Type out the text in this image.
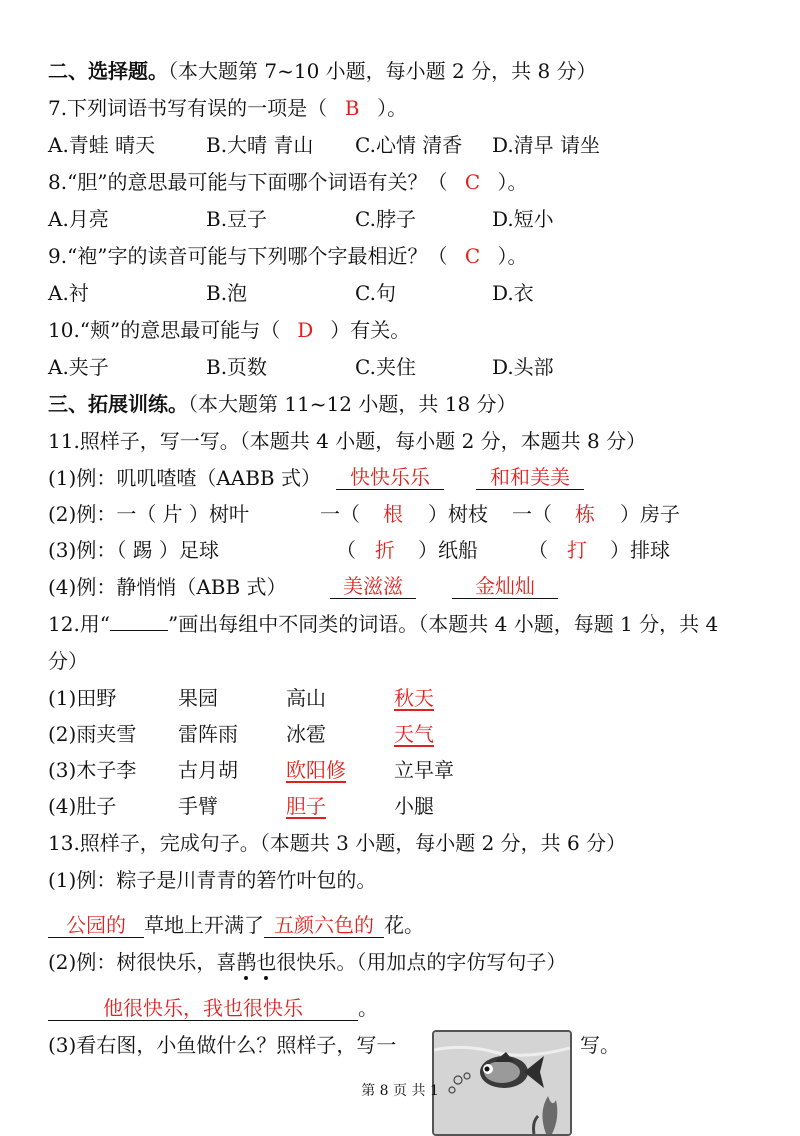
二、选择题。（本大题第 7~10 小题，每小题 2 分，共 8 分）
7.下列词语书写有误的一项是（ B ）。
A.青蛙 晴天	B.大晴 青山 C.心情 清香 D.清早 请坐
8.“胆”的意思最可能与下面哪个词语有关？（ C ）。
A.月亮	B.豆子	C.脖子	D.短小
9.“袍”字的读音可能与下列哪个字最相近？（ C ）。
A.衬	B.泡	C.句	D.衣
10.“颊”的意思最可能与（ D ）有关。
A.夹子	B.页数	C.夹住	D.头部
三、拓展训练。（本大题第 11~12 小题，共 18 分）
11.照样子，写一写。（本题共 4 小题，每小题 2 分，本题共 8 分）
(1)例：叽叽喳喳（AABB 式）	快快乐乐	和和美美
(2)例：一（ 片 ）树叶	一（ 根 ）树枝 一（ 栋 ）房子
(3)例：（ 踢 ）足球	（ 折 ）纸船	（ 打 ）排球
(4)例：静悄悄（ABB 式）	美滋滋	金灿灿
12.用“	”画出每组中不同类的词语。（本题共 4 小题，每题 1 分，共 4
分）
(1)田野	果园	高山	秋天
(2)雨夹雪 雷阵雨 冰雹	天气
(3)木子李 古月胡 欧阳修 立早章
(4)肚子	手臂	胆子	小腿
13.照样子，完成句子。（本题共 3 小题，每小题 2 分，共 6 分）
(1)例：粽子是川青青的箬竹叶包的。
公园的 草地上开满了 五颜六色的 花。
(2)例：树很快乐，喜鹊也很快乐。（用加点的字仿写句子）
他很快乐，我也很快乐	。
(3)看右图，小鱼做什么？照样子，写一	写。
第 8 页 共 1
